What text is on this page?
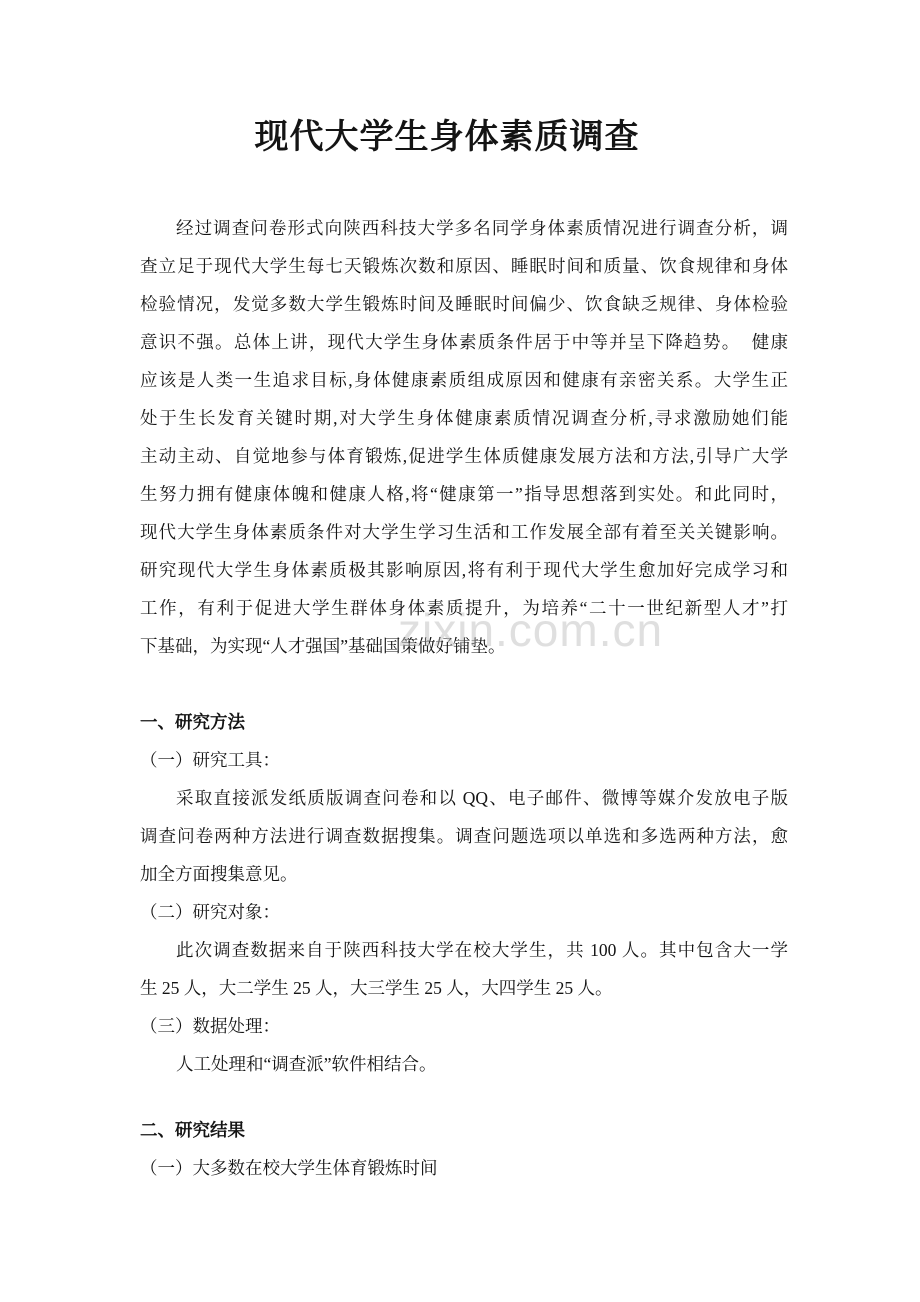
现代大学生身体素质调查
经过调查问卷形式向陕西科技大学多名同学身体素质情况进行调查分析，调
查立足于现代大学生每七天锻炼次数和原因、睡眠时间和质量、饮食规律和身体
检验情况，发觉多数大学生锻炼时间及睡眠时间偏少、饮食缺乏规律、身体检验
意识不强。总体上讲，现代大学生身体素质条件居于中等并呈下降趋势。  健康
应该是人类一生追求目标,身体健康素质组成原因和健康有亲密关系。大学生正
处于生长发育关键时期,对大学生身体健康素质情况调查分析,寻求激励她们能
主动主动、自觉地参与体育锻炼,促进学生体质健康发展方法和方法,引导广大学
生努力拥有健康体魄和健康人格,将“健康第一”指导思想落到实处。和此同时，
现代大学生身体素质条件对大学生学习生活和工作发展全部有着至关关键影响。
研究现代大学生身体素质极其影响原因,将有利于现代大学生愈加好完成学习和
工作，有利于促进大学生群体身体素质提升，为培养“二十一世纪新型人才”打
下基础，为实现“人才强国”基础国策做好铺垫。
一、研究方法
（一）研究工具：
采取直接派发纸质版调查问卷和以 QQ、电子邮件、微博等媒介发放电子版
调查问卷两种方法进行调查数据搜集。调查问题选项以单选和多选两种方法，愈
加全方面搜集意见。
（二）研究对象：
此次调查数据来自于陕西科技大学在校大学生，共 100 人。其中包含大一学
生 25 人，大二学生 25 人，大三学生 25 人，大四学生 25 人。
（三）数据处理：
人工处理和“调查派”软件相结合。
二、研究结果
（一）大多数在校大学生体育锻炼时间
zixin.com.cn
